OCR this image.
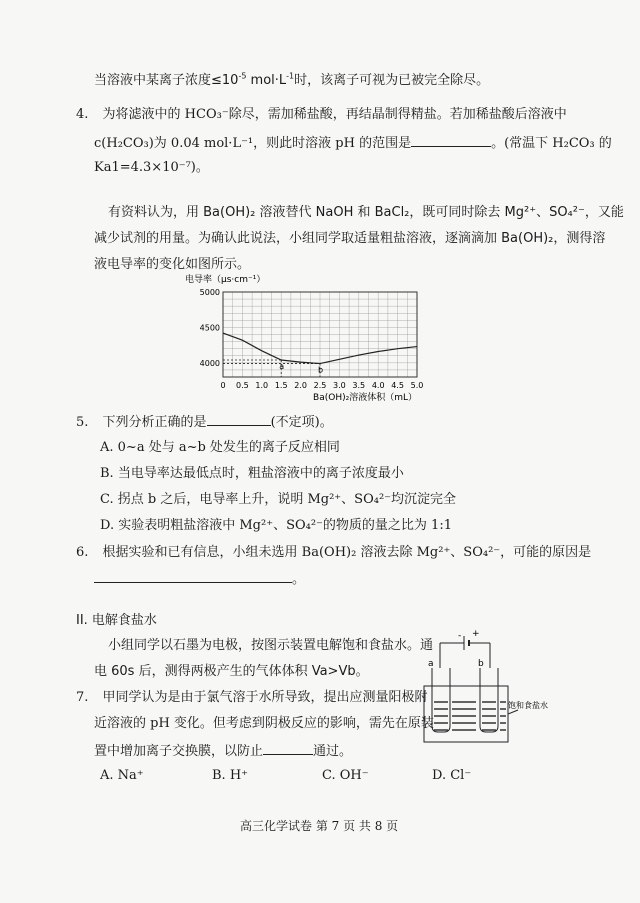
当溶液中某离子浓度$\le 10^{-5}$ $mol\cdot L^{-1}$时，该离子可视为已被完全除尽。
4. 为将滤液中的 HCO₃⁻除尽，需加稀盐酸，再结晶制得精盐。若加稀盐酸后溶液中
c(H₂CO₃)为 0.04 mol·L⁻¹，则此时溶液 pH 的范围是	。(常温下 H₂CO₃ 的
Ka1=4.3×10⁻⁷)。
有资料认为，用 Ba(OH)₂ 溶液替代 NaOH 和 BaCl₂，既可同时除去 Mg²⁺、SO₄²⁻，又能
减少试剂的用量。为确认此说法，小组同学取适量粗盐溶液，逐滴滴加 Ba(OH)₂，测得溶
液电导率的变化如图所示。
电导率（μs·cm⁻¹）
5000
4500
4000
0 0.5 1.0 1.5 2.0 2.5 3.0 3.5 4.0 4.5 5.0
a	b
Ba(OH)₂溶液体积（mL）
5. 下列分析正确的是	(不定项)。
A. 0~a 处与 a~b 处发生的离子反应相同
B. 当电导率达最低点时，粗盐溶液中的离子浓度最小
C. 拐点 b 之后，电导率上升，说明 Mg²⁺、SO₄²⁻均沉淀完全
D. 实验表明粗盐溶液中 Mg²⁺、SO₄²⁻的物质的量之比为 1:1
6. 根据实验和已有信息，小组未选用 Ba(OH)₂ 溶液去除 Mg²⁺、SO₄²⁻，可能的原因是
。
II. 电解食盐水
小组同学以石墨为电极，按图示装置电解饱和食盐水。通
电 60s 后，测得两极产生的气体体积 Va>Vb。
- +
a	b
饱和食盐水
7. 甲同学认为是由于氯气溶于水所导致，提出应测量阳极附
近溶液的 pH 变化。但考虑到阴极反应的影响，需先在原装
置中增加离子交换膜，以防止	通过。
A. Na⁺	B. H⁺	C. OH⁻	D. Cl⁻
高三化学试卷 第 7 页 共 8 页
